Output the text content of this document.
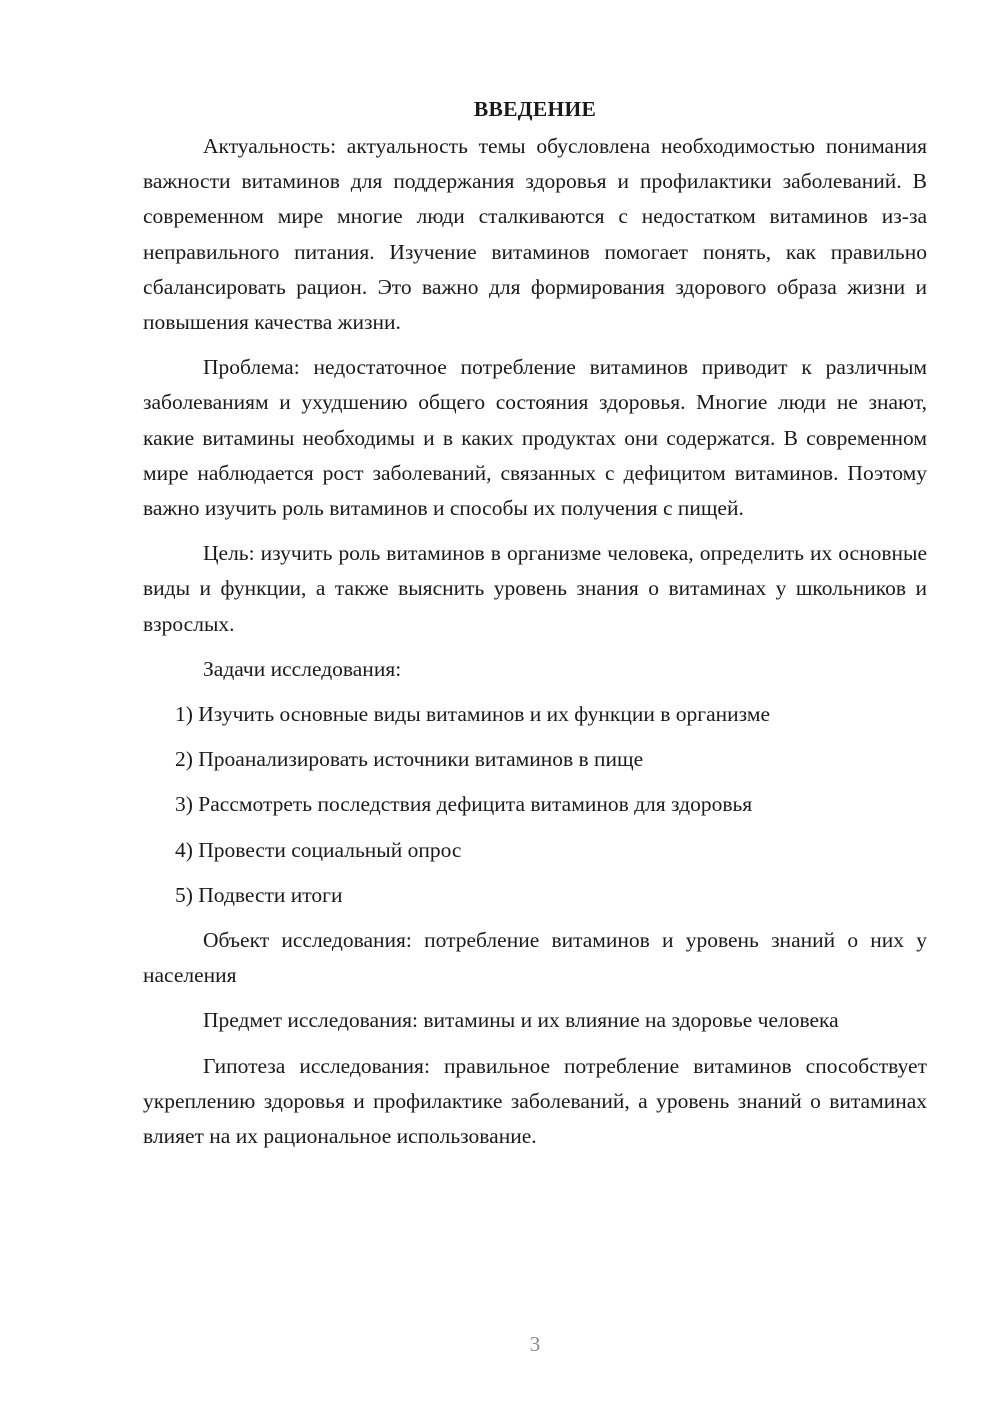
ВВЕДЕНИЕ

Актуальность: актуальность темы обусловлена необходимостью понимания важности витаминов для поддержания здоровья и профилактики заболеваний. В современном мире многие люди сталкиваются с недостатком витаминов из-за неправильного питания. Изучение витаминов помогает понять, как правильно сбалансировать рацион. Это важно для формирования здорового образа жизни и повышения качества жизни.

Проблема: недостаточное потребление витаминов приводит к различным заболеваниям и ухудшению общего состояния здоровья. Многие люди не знают, какие витамины необходимы и в каких продуктах они содержатся. В современном мире наблюдается рост заболеваний, связанных с дефицитом витаминов. Поэтому важно изучить роль витаминов и способы их получения с пищей.

Цель: изучить роль витаминов в организме человека, определить их основные виды и функции, а также выяснить уровень знания о витаминах у школьников и взрослых.

Задачи исследования:

1) Изучить основные виды витаминов и их функции в организме

2) Проанализировать источники витаминов в пище

3) Рассмотреть последствия дефицита витаминов для здоровья

4) Провести социальный опрос

5) Подвести итоги

Объект исследования: потребление витаминов и уровень знаний о них у населения

Предмет исследования: витамины и их влияние на здоровье человека

Гипотеза исследования: правильное потребление витаминов способствует укреплению здоровья и профилактике заболеваний, а уровень знаний о витаминах влияет на их рациональное использование.

3
